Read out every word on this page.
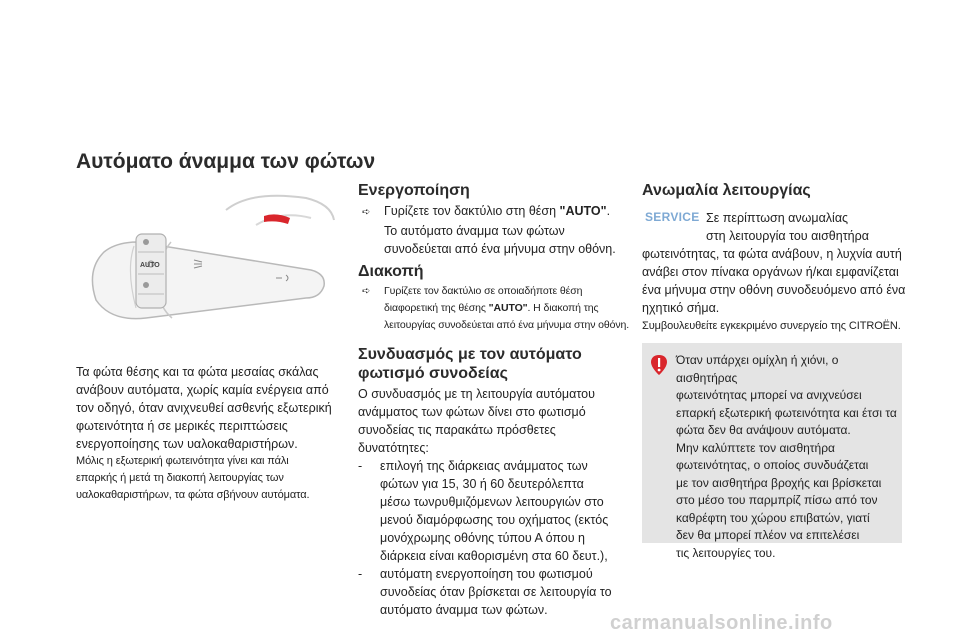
Αυτόματο άναμμα των φώτων
AUTO
Τα φώτα θέσης και τα φώτα μεσαίας σκάλας
ανάβουν αυτόματα, χωρίς καμία ενέργεια από
τον οδηγό, όταν ανιχνευθεί ασθενής εξωτερική
φωτεινότητα ή σε μερικές περιπτώσεις
ενεργοποίησης των υαλοκαθαριστήρων.
Μόλις η εξωτερική φωτεινότητα γίνει και πάλι
επαρκής ή μετά τη διακοπή λειτουργίας των
υαλοκαθαριστήρων, τα φώτα σβήνουν αυτόματα.
Ενεργοποίηση
➪ Γυρίζετε τον δακτύλιο στη θέση "AUTO".
Το αυτόματο άναμμα των φώτων
συνοδεύεται από ένα μήνυμα στην οθόνη.
Διακοπή
➪ Γυρίζετε τον δακτύλιο σε οποιαδήποτε θέση
διαφορετική της θέσης "AUTO". Η διακοπή της
λειτουργίας συνοδεύεται από ένα μήνυμα στην οθόνη.
Συνδυασμός με τον αυτόματο
φωτισμό συνοδείας
Ο συνδυασμός με τη λειτουργία αυτόματου
ανάμματος των φώτων δίνει στο φωτισμό
συνοδείας τις παρακάτω πρόσθετες δυνατότητες:
-	επιλογή της διάρκειας ανάμματος των
φώτων για 15, 30 ή 60 δευτερόλεπτα
μέσω τωνρυθμιζόμενων λειτουργιών στο
μενού διαμόρφωσης του οχήματος (εκτός
μονόχρωμης οθόνης τύπου Α όπου η
διάρκεια είναι καθορισμένη στα 60 δευτ.),
-	αυτόματη ενεργοποίηση του φωτισμού
συνοδείας όταν βρίσκεται σε λειτουργία το
αυτόματο άναμμα των φώτων.
Ανωμαλία λειτουργίας
SERVICE Σε περίπτωση ανωμαλίας
στη λειτουργία του αισθητήρα
φωτεινότητας, τα φώτα ανάβουν, η λυχνία αυτή
ανάβει στον πίνακα οργάνων ή/και εμφανίζεται
ένα μήνυμα στην οθόνη συνοδευόμενο από ένα
ηχητικό σήμα.
Συμβουλευθείτε εγκεκριμένο συνεργείο της CITROËN.
Όταν υπάρχει ομίχλη ή χιόνι, ο αισθητήρας
φωτεινότητας μπορεί να ανιχνεύσει
επαρκή εξωτερική φωτεινότητα και έτσι τα
φώτα δεν θα ανάψουν αυτόματα.
Μην καλύπτετε τον αισθητήρα
φωτεινότητας, ο οποίος συνδυάζεται
με τον αισθητήρα βροχής και βρίσκεται
στο μέσο του παρμπρίζ πίσω από τον
καθρέφτη του χώρου επιβατών, γιατί
δεν θα μπορεί πλέον να επιτελέσει
τις λειτουργίες του.
carmanualsonline.info
